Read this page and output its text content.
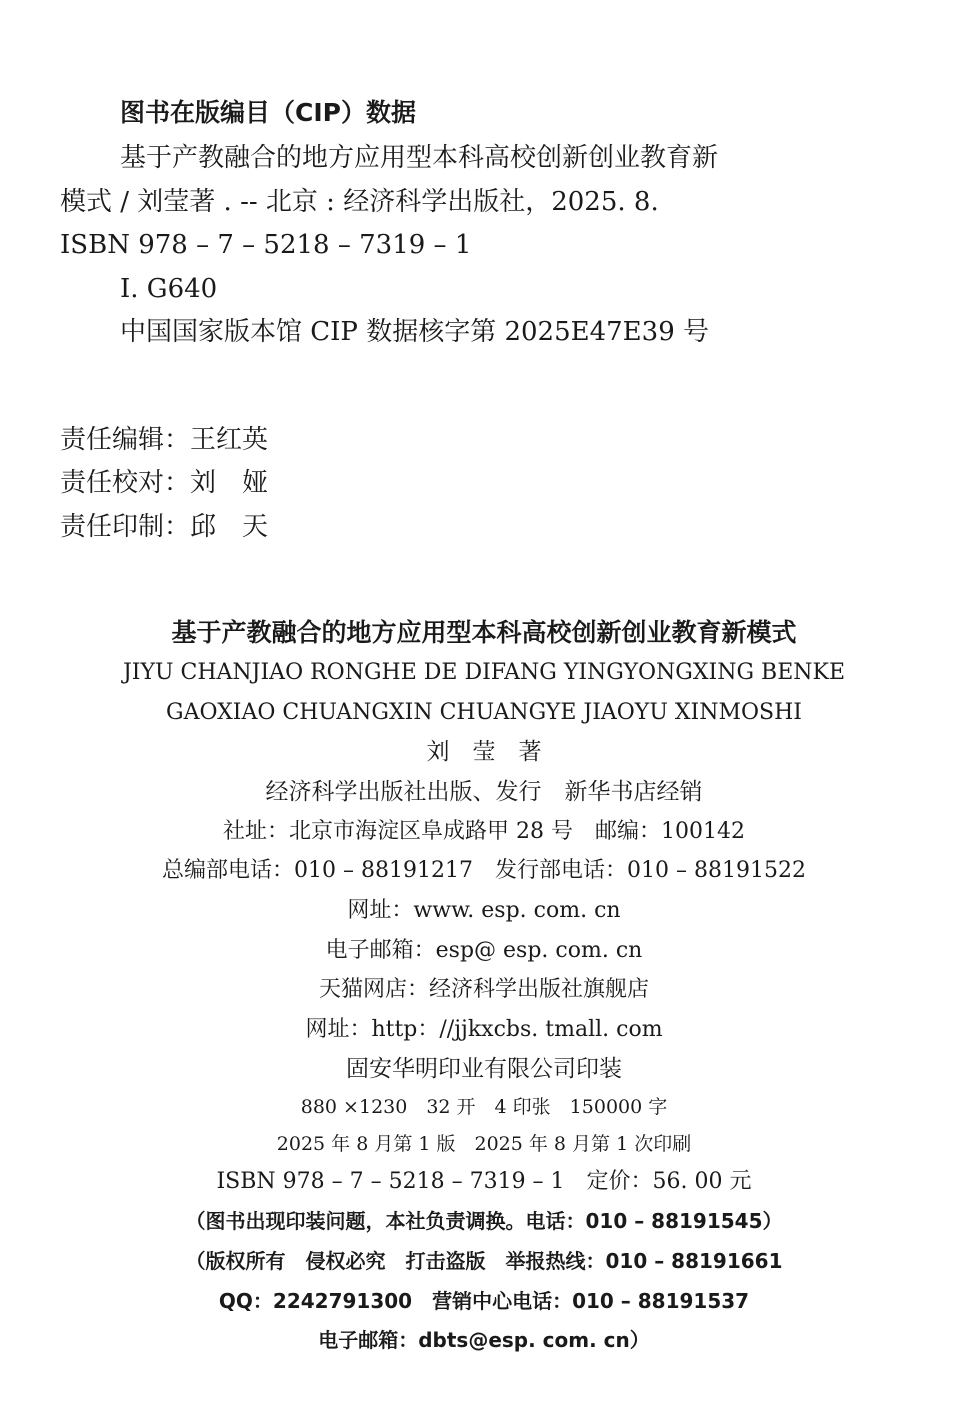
图书在版编目（CIP）数据
基于产教融合的地方应用型本科高校创新创业教育新
模式 / 刘莹著 . -- 北京 : 经济科学出版社，2025. 8.
ISBN 978 – 7 – 5218 – 7319 – 1
Ⅰ. G640
中国国家版本馆 CIP 数据核字第 2025E47E39 号
责任编辑：王红英
责任校对：刘　娅
责任印制：邱　天
基于产教融合的地方应用型本科高校创新创业教育新模式
JIYU CHANJIAO RONGHE DE DIFANG YINGYONGXING BENKE
GAOXIAO CHUANGXIN CHUANGYE JIAOYU XINMOSHI
刘　莹　著
经济科学出版社出版、发行　新华书店经销
社址：北京市海淀区阜成路甲 28 号　邮编：100142
总编部电话：010 – 88191217　发行部电话：010 – 88191522
网址：www. esp. com. cn
电子邮箱：esp@ esp. com. cn
天猫网店：经济科学出版社旗舰店
网址：http：//jjkxcbs. tmall. com
固安华明印业有限公司印装
880 ×1230　32 开　4 印张　150000 字
2025 年 8 月第 1 版　2025 年 8 月第 1 次印刷
ISBN 978 – 7 – 5218 – 7319 – 1　定价：56. 00 元
（图书出现印装问题，本社负责调换。电话：010 – 88191545）
（版权所有　侵权必究　打击盗版　举报热线：010 – 88191661
QQ：2242791300　营销中心电话：010 – 88191537
电子邮箱：dbts@esp. com. cn）
